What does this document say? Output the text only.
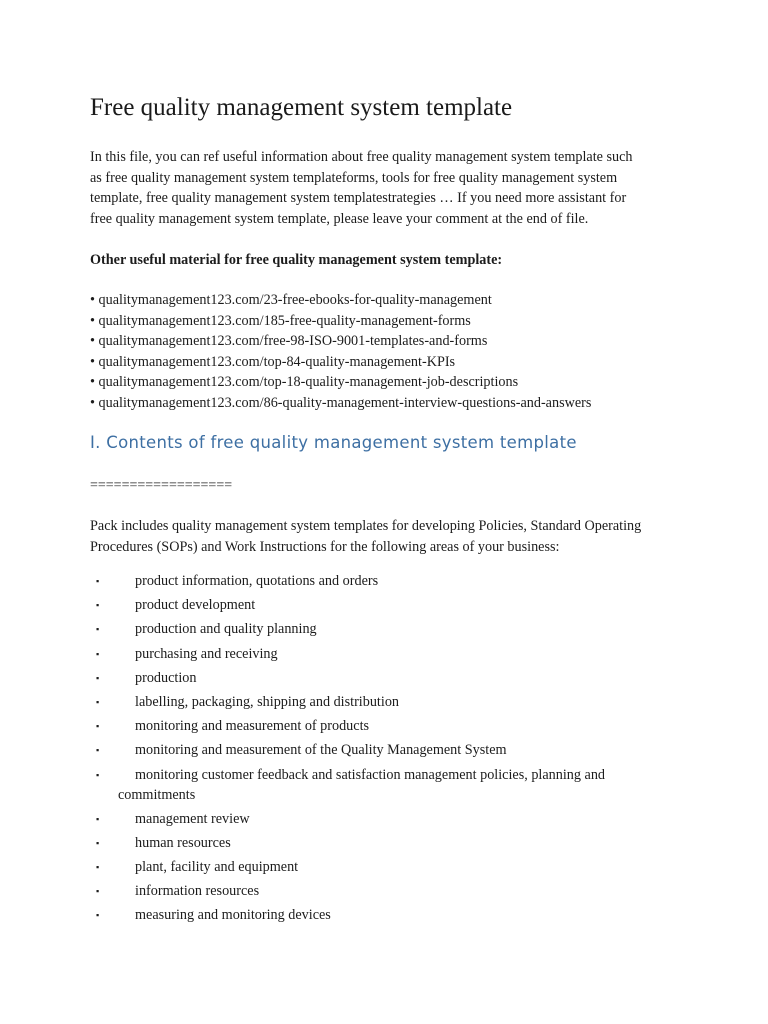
Free quality management system template

In this file, you can ref useful information about free quality management system template such
as free quality management system templateforms, tools for free quality management system
template, free quality management system templatestrategies … If you need more assistant for
free quality management system template, please leave your comment at the end of file.

Other useful material for free quality management system template:

• qualitymanagement123.com/23-free-ebooks-for-quality-management
• qualitymanagement123.com/185-free-quality-management-forms
• qualitymanagement123.com/free-98-ISO-9001-templates-and-forms
• qualitymanagement123.com/top-84-quality-management-KPIs
• qualitymanagement123.com/top-18-quality-management-job-descriptions
• qualitymanagement123.com/86-quality-management-interview-questions-and-answers
I. Contents of free quality management system template

==================

Pack includes quality management system templates for developing Policies, Standard Operating
Procedures (SOPs) and Work Instructions for the following areas of your business:

▪	product information, quotations and orders
▪	product development
▪	production and quality planning
▪	purchasing and receiving
▪	production
▪	labelling, packaging, shipping and distribution
▪	monitoring and measurement of products
▪	monitoring and measurement of the Quality Management System
▪	monitoring customer feedback and satisfaction management policies, planning and
commitments
▪	management review
▪	human resources
▪	plant, facility and equipment
▪	information resources
▪	measuring and monitoring devices
